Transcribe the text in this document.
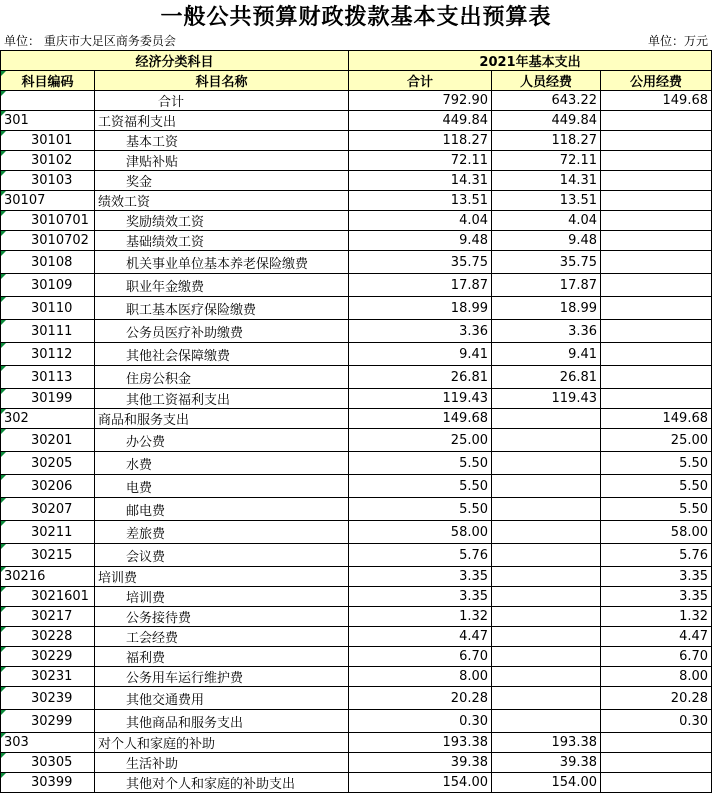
一般公共预算财政拨款基本支出预算表
单位： 重庆市大足区商务委员会	单位：万元
经济分类科目		2021年基本支出		
科目编码	科目名称	合计	人员经费	公用经费
	合计	792.90	643.22	149.68
301	工资福利支出	449.84	449.84	
30101	基本工资	118.27	118.27	
30102	津贴补贴	72.11	72.11	
30103	奖金	14.31	14.31	
30107	绩效工资	13.51	13.51	
3010701	奖励绩效工资	4.04	4.04	
3010702	基础绩效工资	9.48	9.48	
30108	机关事业单位基本养老保险缴费	35.75	35.75	
30109	职业年金缴费	17.87	17.87	
30110	职工基本医疗保险缴费	18.99	18.99	
30111	公务员医疗补助缴费	3.36	3.36	
30112	其他社会保障缴费	9.41	9.41	
30113	住房公积金	26.81	26.81	
30199	其他工资福利支出	119.43	119.43	
302	商品和服务支出	149.68		149.68
30201	办公费	25.00		25.00
30205	水费	5.50		5.50
30206	电费	5.50		5.50
30207	邮电费	5.50		5.50
30211	差旅费	58.00		58.00
30215	会议费	5.76		5.76
30216	培训费	3.35		3.35
3021601	培训费	3.35		3.35
30217	公务接待费	1.32		1.32
30228	工会经费	4.47		4.47
30229	福利费	6.70		6.70
30231	公务用车运行维护费	8.00		8.00
30239	其他交通费用	20.28		20.28
30299	其他商品和服务支出	0.30		0.30
303	对个人和家庭的补助	193.38	193.38	
30305	生活补助	39.38	39.38	
30399	其他对个人和家庭的补助支出	154.00	154.00	
